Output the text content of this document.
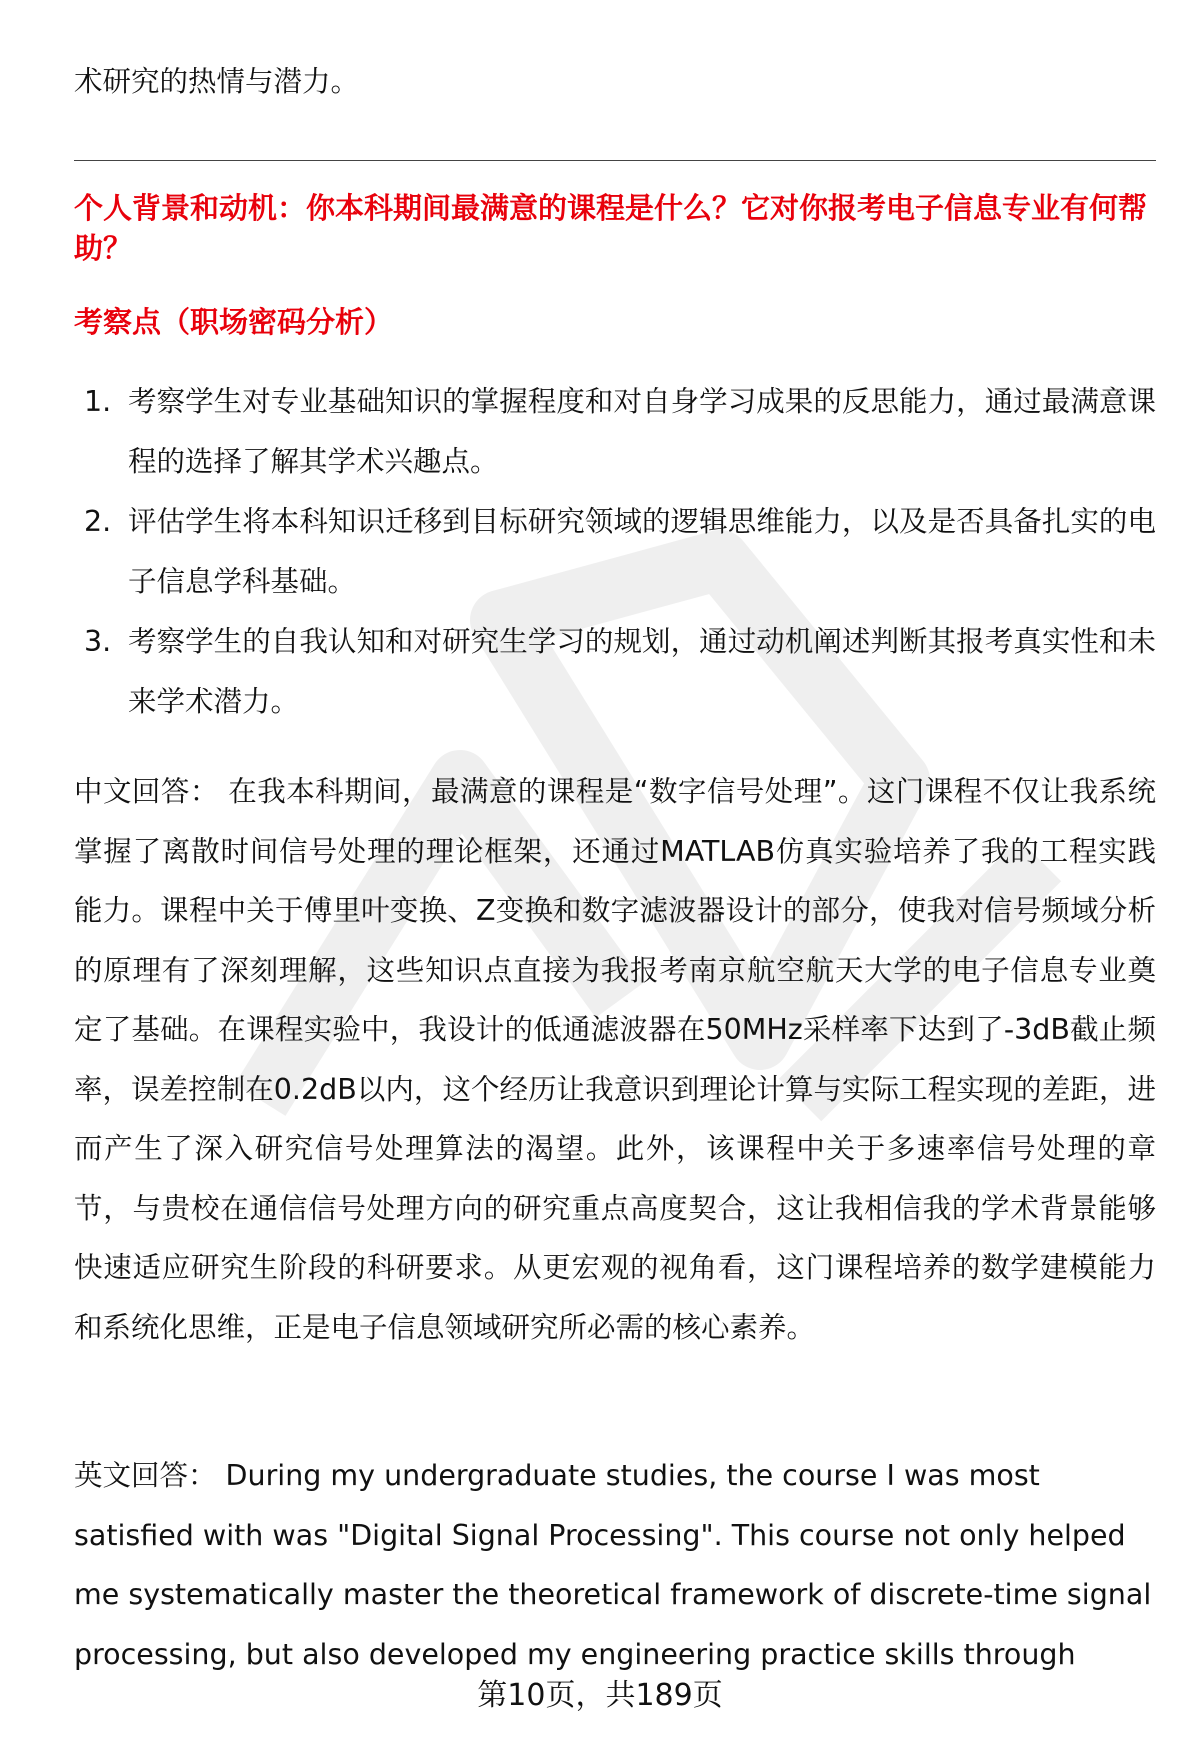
术研究的热情与潜力。

个人背景和动机：你本科期间最满意的课程是什么？它对你报考电子信息专业有何帮助？

考察点（职场密码分析）

1. 考察学生对专业基础知识的掌握程度和对自身学习成果的反思能力，通过最满意课程的选择了解其学术兴趣点。
2. 评估学生将本科知识迁移到目标研究领域的逻辑思维能力，以及是否具备扎实的电子信息学科基础。
3. 考察学生的自我认知和对研究生学习的规划，通过动机阐述判断其报考真实性和未来学术潜力。

中文回答： 在我本科期间，最满意的课程是“数字信号处理”。这门课程不仅让我系统掌握了离散时间信号处理的理论框架，还通过MATLAB仿真实验培养了我的工程实践能力。课程中关于傅里叶变换、Z变换和数字滤波器设计的部分，使我对信号频域分析的原理有了深刻理解，这些知识点直接为我报考南京航空航天大学的电子信息专业奠定了基础。在课程实验中，我设计的低通滤波器在50MHz采样率下达到了-3dB截止频率，误差控制在0.2dB以内，这个经历让我意识到理论计算与实际工程实现的差距，进而产生了深入研究信号处理算法的渴望。此外，该课程中关于多速率信号处理的章节，与贵校在通信信号处理方向的研究重点高度契合，这让我相信我的学术背景能够快速适应研究生阶段的科研要求。从更宏观的视角看，这门课程培养的数学建模能力和系统化思维，正是电子信息领域研究所必需的核心素养。

英文回答： During my undergraduate studies, the course I was most satisfied with was "Digital Signal Processing". This course not only helped me systematically master the theoretical framework of discrete-time signal processing, but also developed my engineering practice skills through

第10页，共189页
